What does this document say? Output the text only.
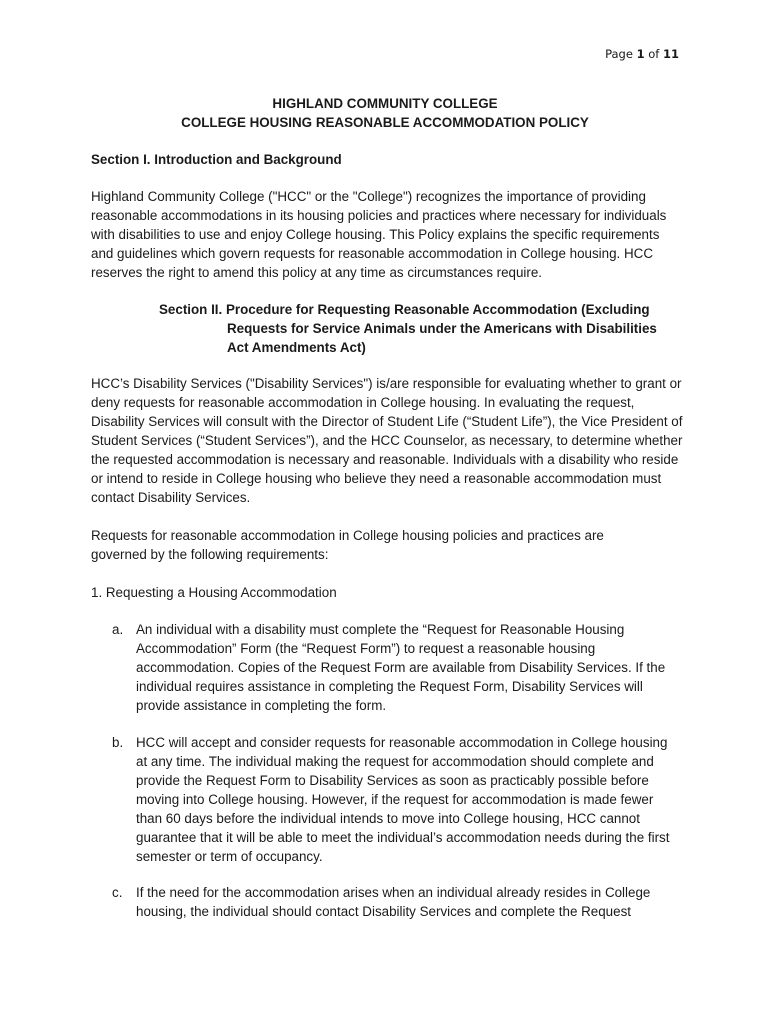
Page 1 of 11
HIGHLAND COMMUNITY COLLEGE
COLLEGE HOUSING REASONABLE ACCOMMODATION POLICY
Section I. Introduction and Background

Highland Community College ("HCC" or the "College") recognizes the importance of providing reasonable accommodations in its housing policies and practices where necessary for individuals with disabilities to use and enjoy College housing. This Policy explains the specific requirements and guidelines which govern requests for reasonable accommodation in College housing. HCC reserves the right to amend this policy at any time as circumstances require.

Section II. Procedure for Requesting Reasonable Accommodation (Excluding Requests for Service Animals under the Americans with Disabilities Act Amendments Act)

HCC’s Disability Services ("Disability Services") is/are responsible for evaluating whether to grant or deny requests for reasonable accommodation in College housing. In evaluating the request, Disability Services will consult with the Director of Student Life (“Student Life”), the Vice President of Student Services (“Student Services”), and the HCC Counselor, as necessary, to determine whether the requested accommodation is necessary and reasonable. Individuals with a disability who reside or intend to reside in College housing who believe they need a reasonable accommodation must contact Disability Services.

Requests for reasonable accommodation in College housing policies and practices are governed by the following requirements:

1. Requesting a Housing Accommodation
a. An individual with a disability must complete the “Request for Reasonable Housing Accommodation” Form (the “Request Form”) to request a reasonable housing accommodation. Copies of the Request Form are available from Disability Services. If the individual requires assistance in completing the Request Form, Disability Services will provide assistance in completing the form.
b. HCC will accept and consider requests for reasonable accommodation in College housing at any time. The individual making the request for accommodation should complete and provide the Request Form to Disability Services as soon as practicably possible before moving into College housing. However, if the request for accommodation is made fewer than 60 days before the individual intends to move into College housing, HCC cannot guarantee that it will be able to meet the individual’s accommodation needs during the first semester or term of occupancy.
c. If the need for the accommodation arises when an individual already resides in College housing, the individual should contact Disability Services and complete the Request
